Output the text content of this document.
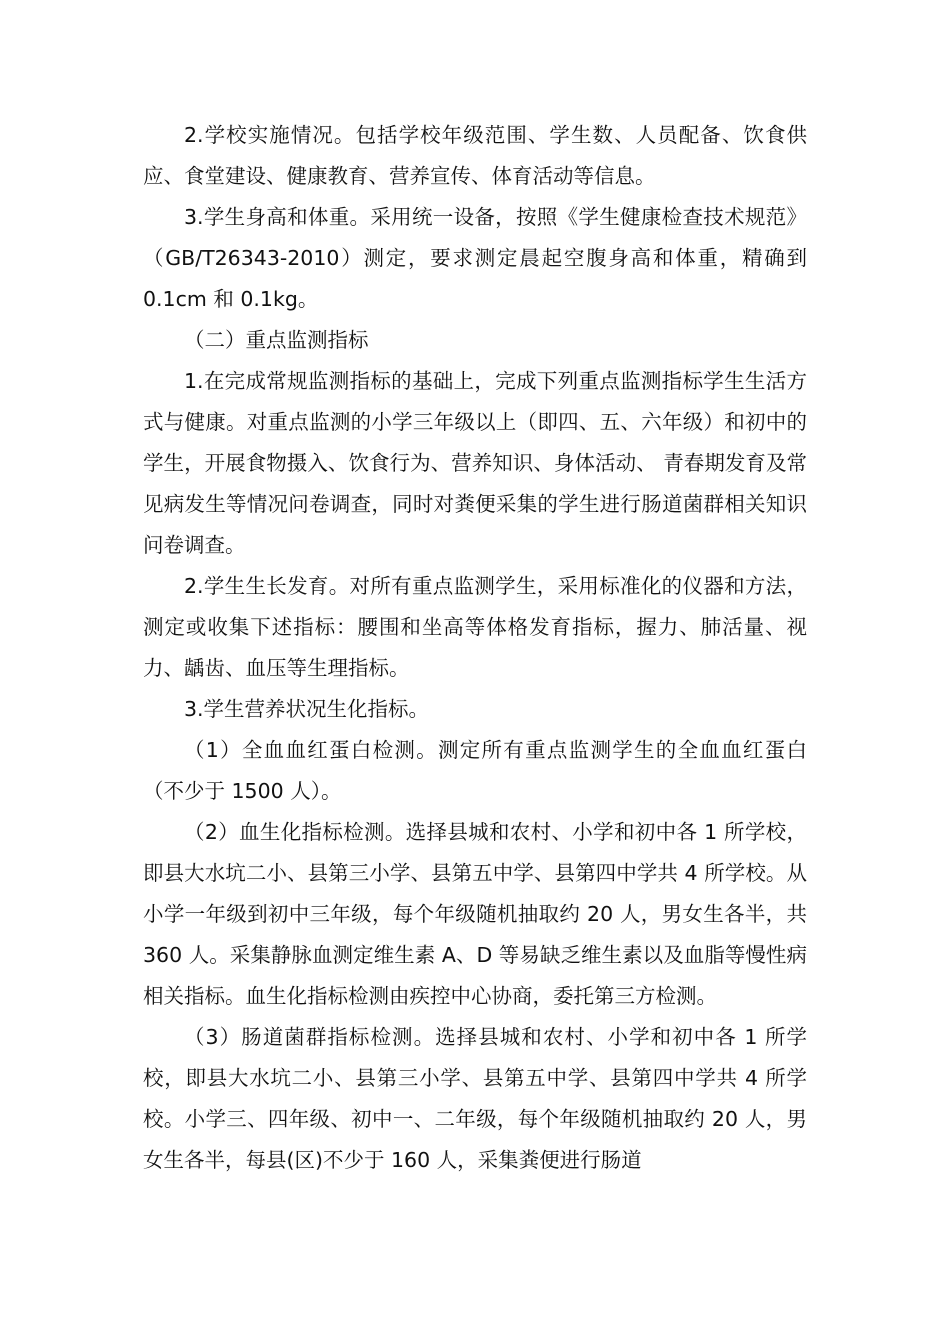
2.学校实施情况。包括学校年级范围、学生数、人员配备、饮食供应、食堂建设、健康教育、营养宣传、体育活动等信息。

3.学生身高和体重。采用统一设备，按照《学生健康检查技术规范》（GB/T26343-2010）测定，要求测定晨起空腹身高和体重，精确到 0.1cm 和 0.1kg。

（二）重点监测指标

1.在完成常规监测指标的基础上，完成下列重点监测指标学生生活方式与健康。对重点监测的小学三年级以上（即四、五、六年级）和初中的学生，开展食物摄入、饮食行为、营养知识、身体活动、 青春期发育及常见病发生等情况问卷调查，同时对粪便采集的学生进行肠道菌群相关知识问卷调查。

2.学生生长发育。对所有重点监测学生，采用标准化的仪器和方法，测定或收集下述指标：腰围和坐高等体格发育指标，握力、肺活量、视力、龋齿、血压等生理指标。

3.学生营养状况生化指标。

（1）全血血红蛋白检测。测定所有重点监测学生的全血血红蛋白（不少于 1500 人）。

（2）血生化指标检测。选择县城和农村、小学和初中各 1 所学校，即县大水坑二小、县第三小学、县第五中学、县第四中学共 4 所学校。从小学一年级到初中三年级，每个年级随机抽取约 20 人，男女生各半，共 360 人。采集静脉血测定维生素 A、D 等易缺乏维生素以及血脂等慢性病相关指标。血生化指标检测由疾控中心协商，委托第三方检测。

（3）肠道菌群指标检测。选择县城和农村、小学和初中各 1 所学校，即县大水坑二小、县第三小学、县第五中学、县第四中学共 4 所学校。小学三、四年级、初中一、二年级，每个年级随机抽取约 20 人，男女生各半，每县(区)不少于 160 人，采集粪便进行肠道
